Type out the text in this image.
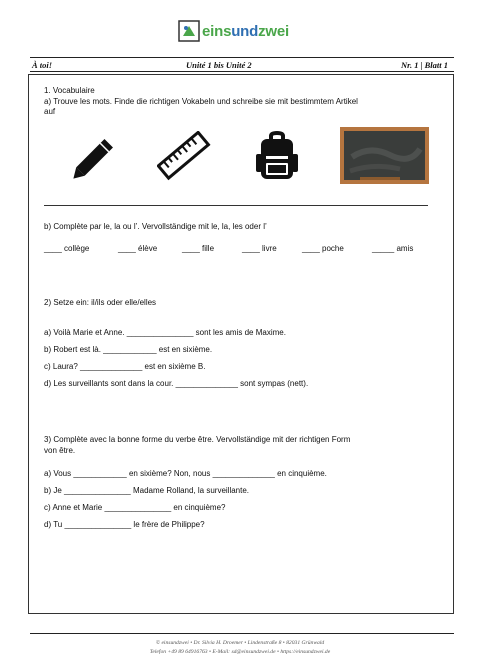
einsundzwei
À toi!	Unité 1 bis Unité 2	Nr. 1 | Blatt 1
1. Vocabulaire
a) Trouve les mots. Finde die richtigen Vokabeln und schreibe sie mit bestimmtem Artikel
auf
b) Complète par le, la ou l’. Vervollständige mit le, la, les oder l’
____ collège	____ élève	____ fille	____ livre	____ poche	_____ amis
2) Setze ein: il/ils oder elle/elles
a) Voilà Marie et Anne. _______________ sont les amis de Maxime.
b) Robert est là. ____________ est en sixième.
c) Laura? ______________ est en sixième B.
d) Les surveillants sont dans la cour. ______________ sont sympas (nett).
3) Complète avec la bonne forme du verbe être. Vervollständige mit der richtigen Form
von être.
a) Vous ____________ en sixième? Non, nous ______________ en cinquième.
b) Je _______________ Madame Rolland, la surveillante.
c) Anne et Marie _______________ en cinquième?
d) Tu _______________ le frère de Philippe?
© einsundzwei • Dr. Silvia H. Droemer • Lindenstraße 8 • 82031 Grünwald
Telefon +49 89 64916763 • E-Mail: sd@einsundzwei.de • https://einsundzwei.de
